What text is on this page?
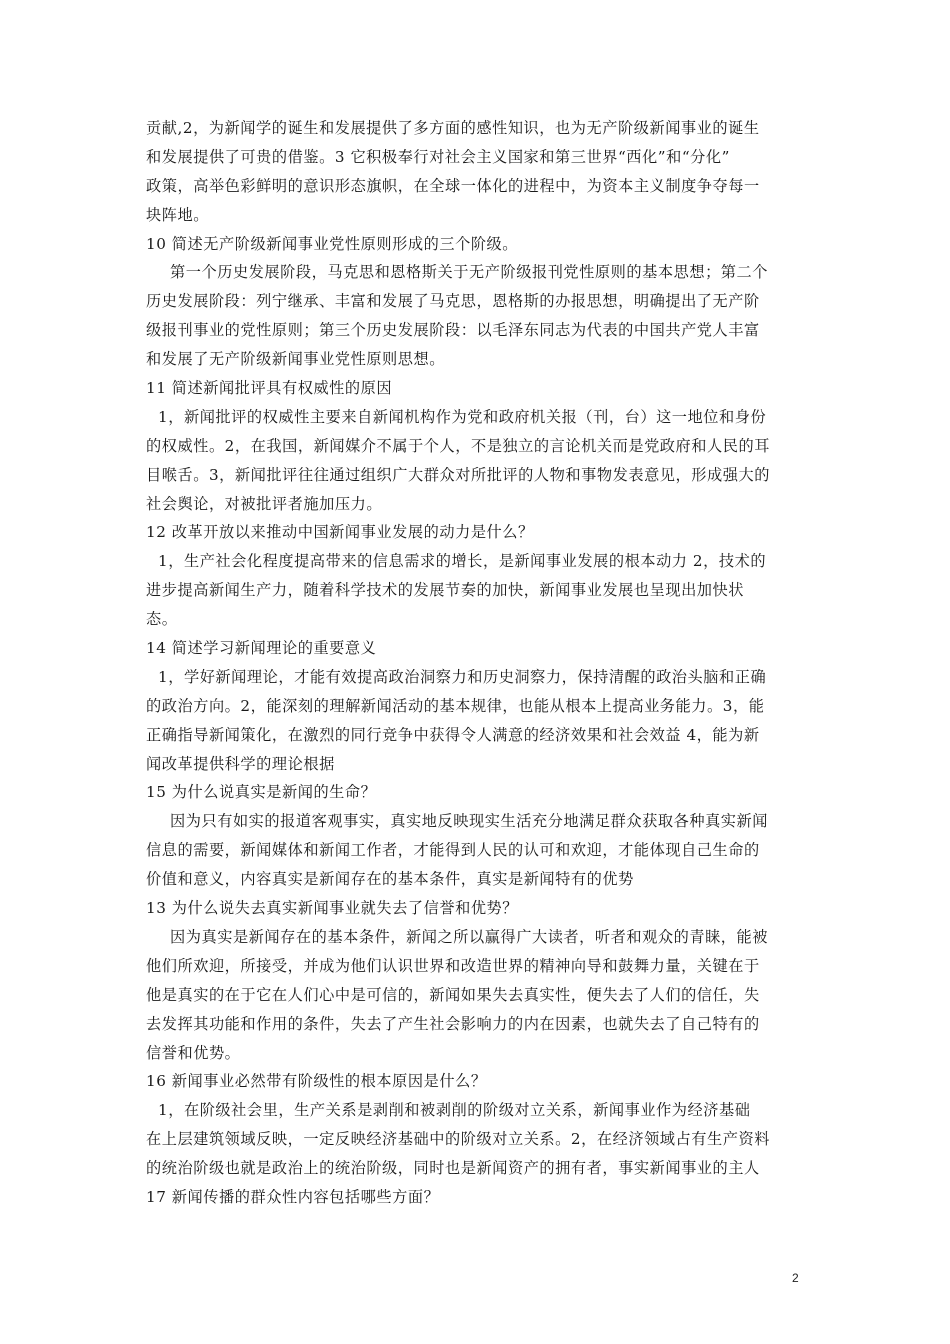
贡献,2，为新闻学的诞生和发展提供了多方面的感性知识，也为无产阶级新闻事业的诞生
和发展提供了可贵的借鉴。3 它积极奉行对社会主义国家和第三世界“西化”和“分化”
政策，高举色彩鲜明的意识形态旗帜，在全球一体化的进程中，为资本主义制度争夺每一
块阵地。
10 简述无产阶级新闻事业党性原则形成的三个阶级。
第一个历史发展阶段，马克思和恩格斯关于无产阶级报刊党性原则的基本思想；第二个
历史发展阶段：列宁继承、丰富和发展了马克思，恩格斯的办报思想，明确提出了无产阶
级报刊事业的党性原则；第三个历史发展阶段：以毛泽东同志为代表的中国共产党人丰富
和发展了无产阶级新闻事业党性原则思想。
11 简述新闻批评具有权威性的原因
1，新闻批评的权威性主要来自新闻机构作为党和政府机关报（刊，台）这一地位和身份
的权威性。2，在我国，新闻媒介不属于个人，不是独立的言论机关而是党政府和人民的耳
目喉舌。3，新闻批评往往通过组织广大群众对所批评的人物和事物发表意见，形成强大的
社会舆论，对被批评者施加压力。
12 改革开放以来推动中国新闻事业发展的动力是什么？
1，生产社会化程度提高带来的信息需求的增长，是新闻事业发展的根本动力 2，技术的
进步提高新闻生产力，随着科学技术的发展节奏的加快，新闻事业发展也呈现出加快状
态。
14 简述学习新闻理论的重要意义
1，学好新闻理论，才能有效提高政治洞察力和历史洞察力，保持清醒的政治头脑和正确
的政治方向。2，能深刻的理解新闻活动的基本规律，也能从根本上提高业务能力。3，能
正确指导新闻策化，在激烈的同行竞争中获得令人满意的经济效果和社会效益 4，能为新
闻改革提供科学的理论根据
15 为什么说真实是新闻的生命？
因为只有如实的报道客观事实，真实地反映现实生活充分地满足群众获取各种真实新闻
信息的需要，新闻媒体和新闻工作者，才能得到人民的认可和欢迎，才能体现自己生命的
价值和意义，内容真实是新闻存在的基本条件，真实是新闻特有的优势
13 为什么说失去真实新闻事业就失去了信誉和优势？
因为真实是新闻存在的基本条件，新闻之所以赢得广大读者，听者和观众的青睐，能被
他们所欢迎，所接受，并成为他们认识世界和改造世界的精神向导和鼓舞力量，关键在于
他是真实的在于它在人们心中是可信的，新闻如果失去真实性，便失去了人们的信任，失
去发挥其功能和作用的条件，失去了产生社会影响力的内在因素，也就失去了自己特有的
信誉和优势。
16 新闻事业必然带有阶级性的根本原因是什么？
1，在阶级社会里，生产关系是剥削和被剥削的阶级对立关系，新闻事业作为经济基础
在上层建筑领域反映，一定反映经济基础中的阶级对立关系。2，在经济领域占有生产资料
的统治阶级也就是政治上的统治阶级，同时也是新闻资产的拥有者，事实新闻事业的主人
17 新闻传播的群众性内容包括哪些方面？
2
